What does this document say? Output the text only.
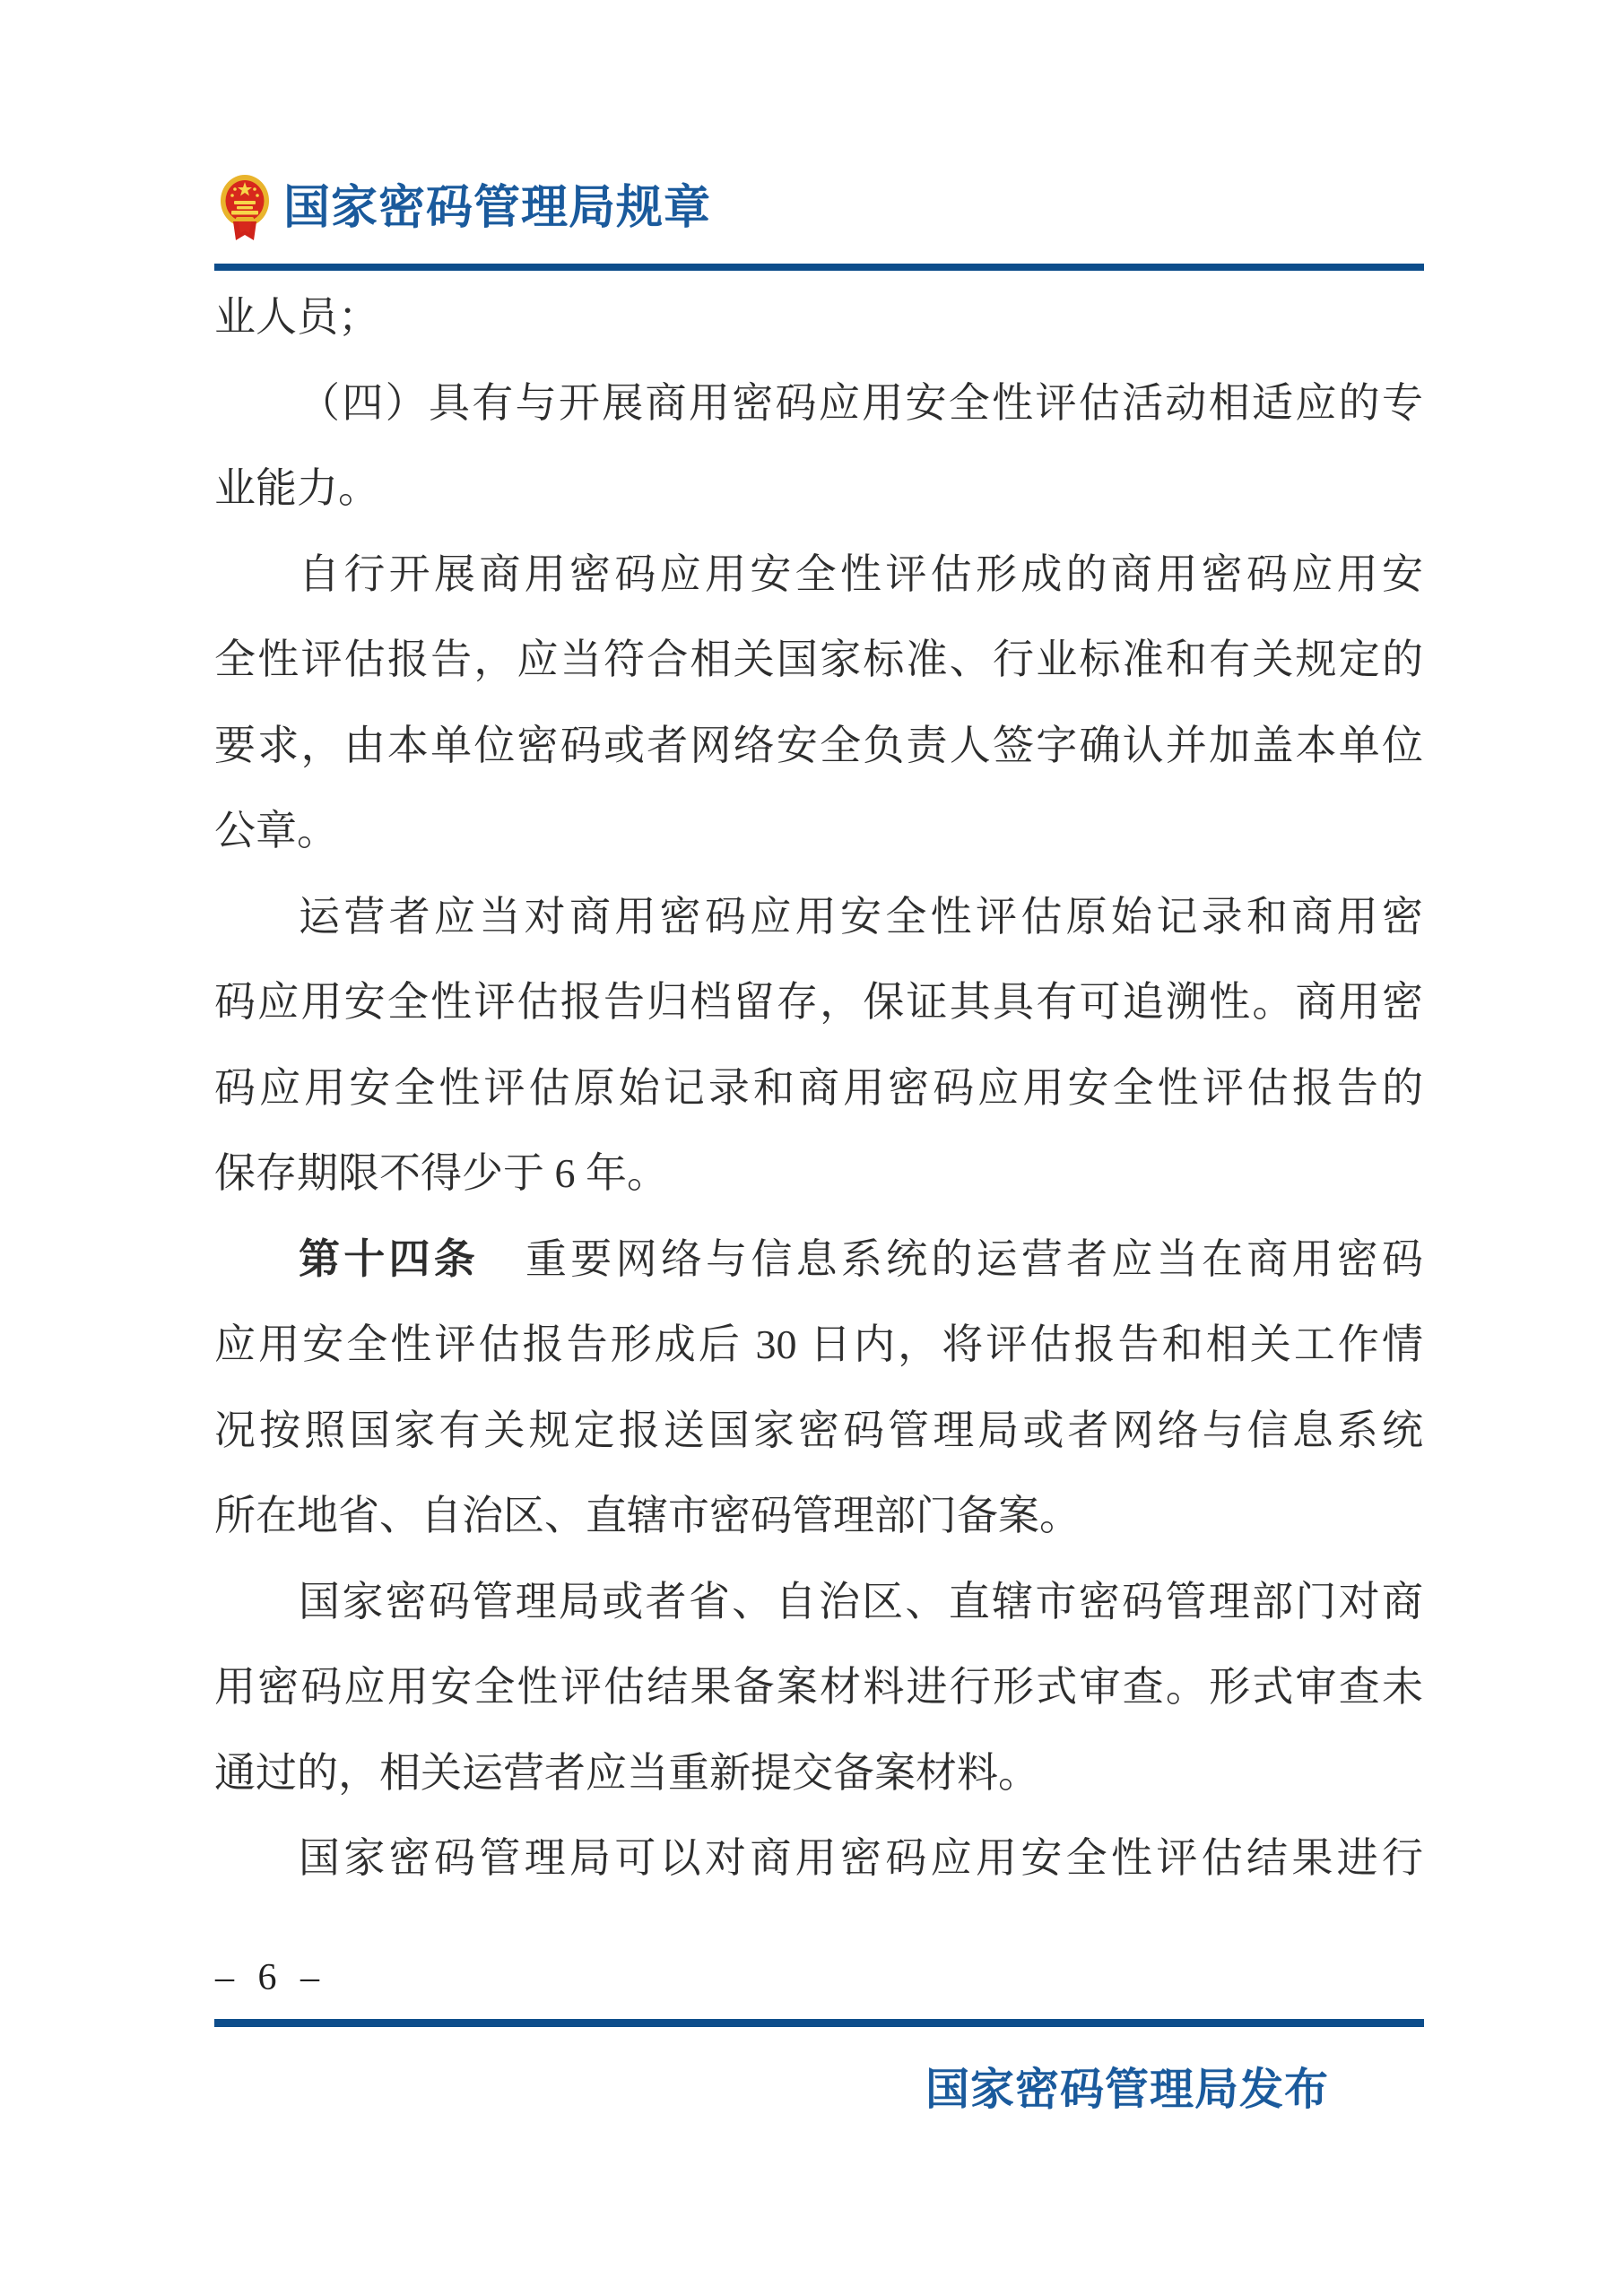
国家密码管理局规章
业人员；
（四）具有与开展商用密码应用安全性评估活动相适应的专
业能力。
自行开展商用密码应用安全性评估形成的商用密码应用安
全性评估报告，应当符合相关国家标准、行业标准和有关规定的
要求，由本单位密码或者网络安全负责人签字确认并加盖本单位
公章。
运营者应当对商用密码应用安全性评估原始记录和商用密
码应用安全性评估报告归档留存，保证其具有可追溯性。商用密
码应用安全性评估原始记录和商用密码应用安全性评估报告的
保存期限不得少于 6 年。
第十四条 重要网络与信息系统的运营者应当在商用密码
应用安全性评估报告形成后 30 日内，将评估报告和相关工作情
况按照国家有关规定报送国家密码管理局或者网络与信息系统
所在地省、自治区、直辖市密码管理部门备案。
国家密码管理局或者省、自治区、直辖市密码管理部门对商
用密码应用安全性评估结果备案材料进行形式审查。形式审查未
通过的，相关运营者应当重新提交备案材料。
国家密码管理局可以对商用密码应用安全性评估结果进行
– 6 –
国家密码管理局发布
